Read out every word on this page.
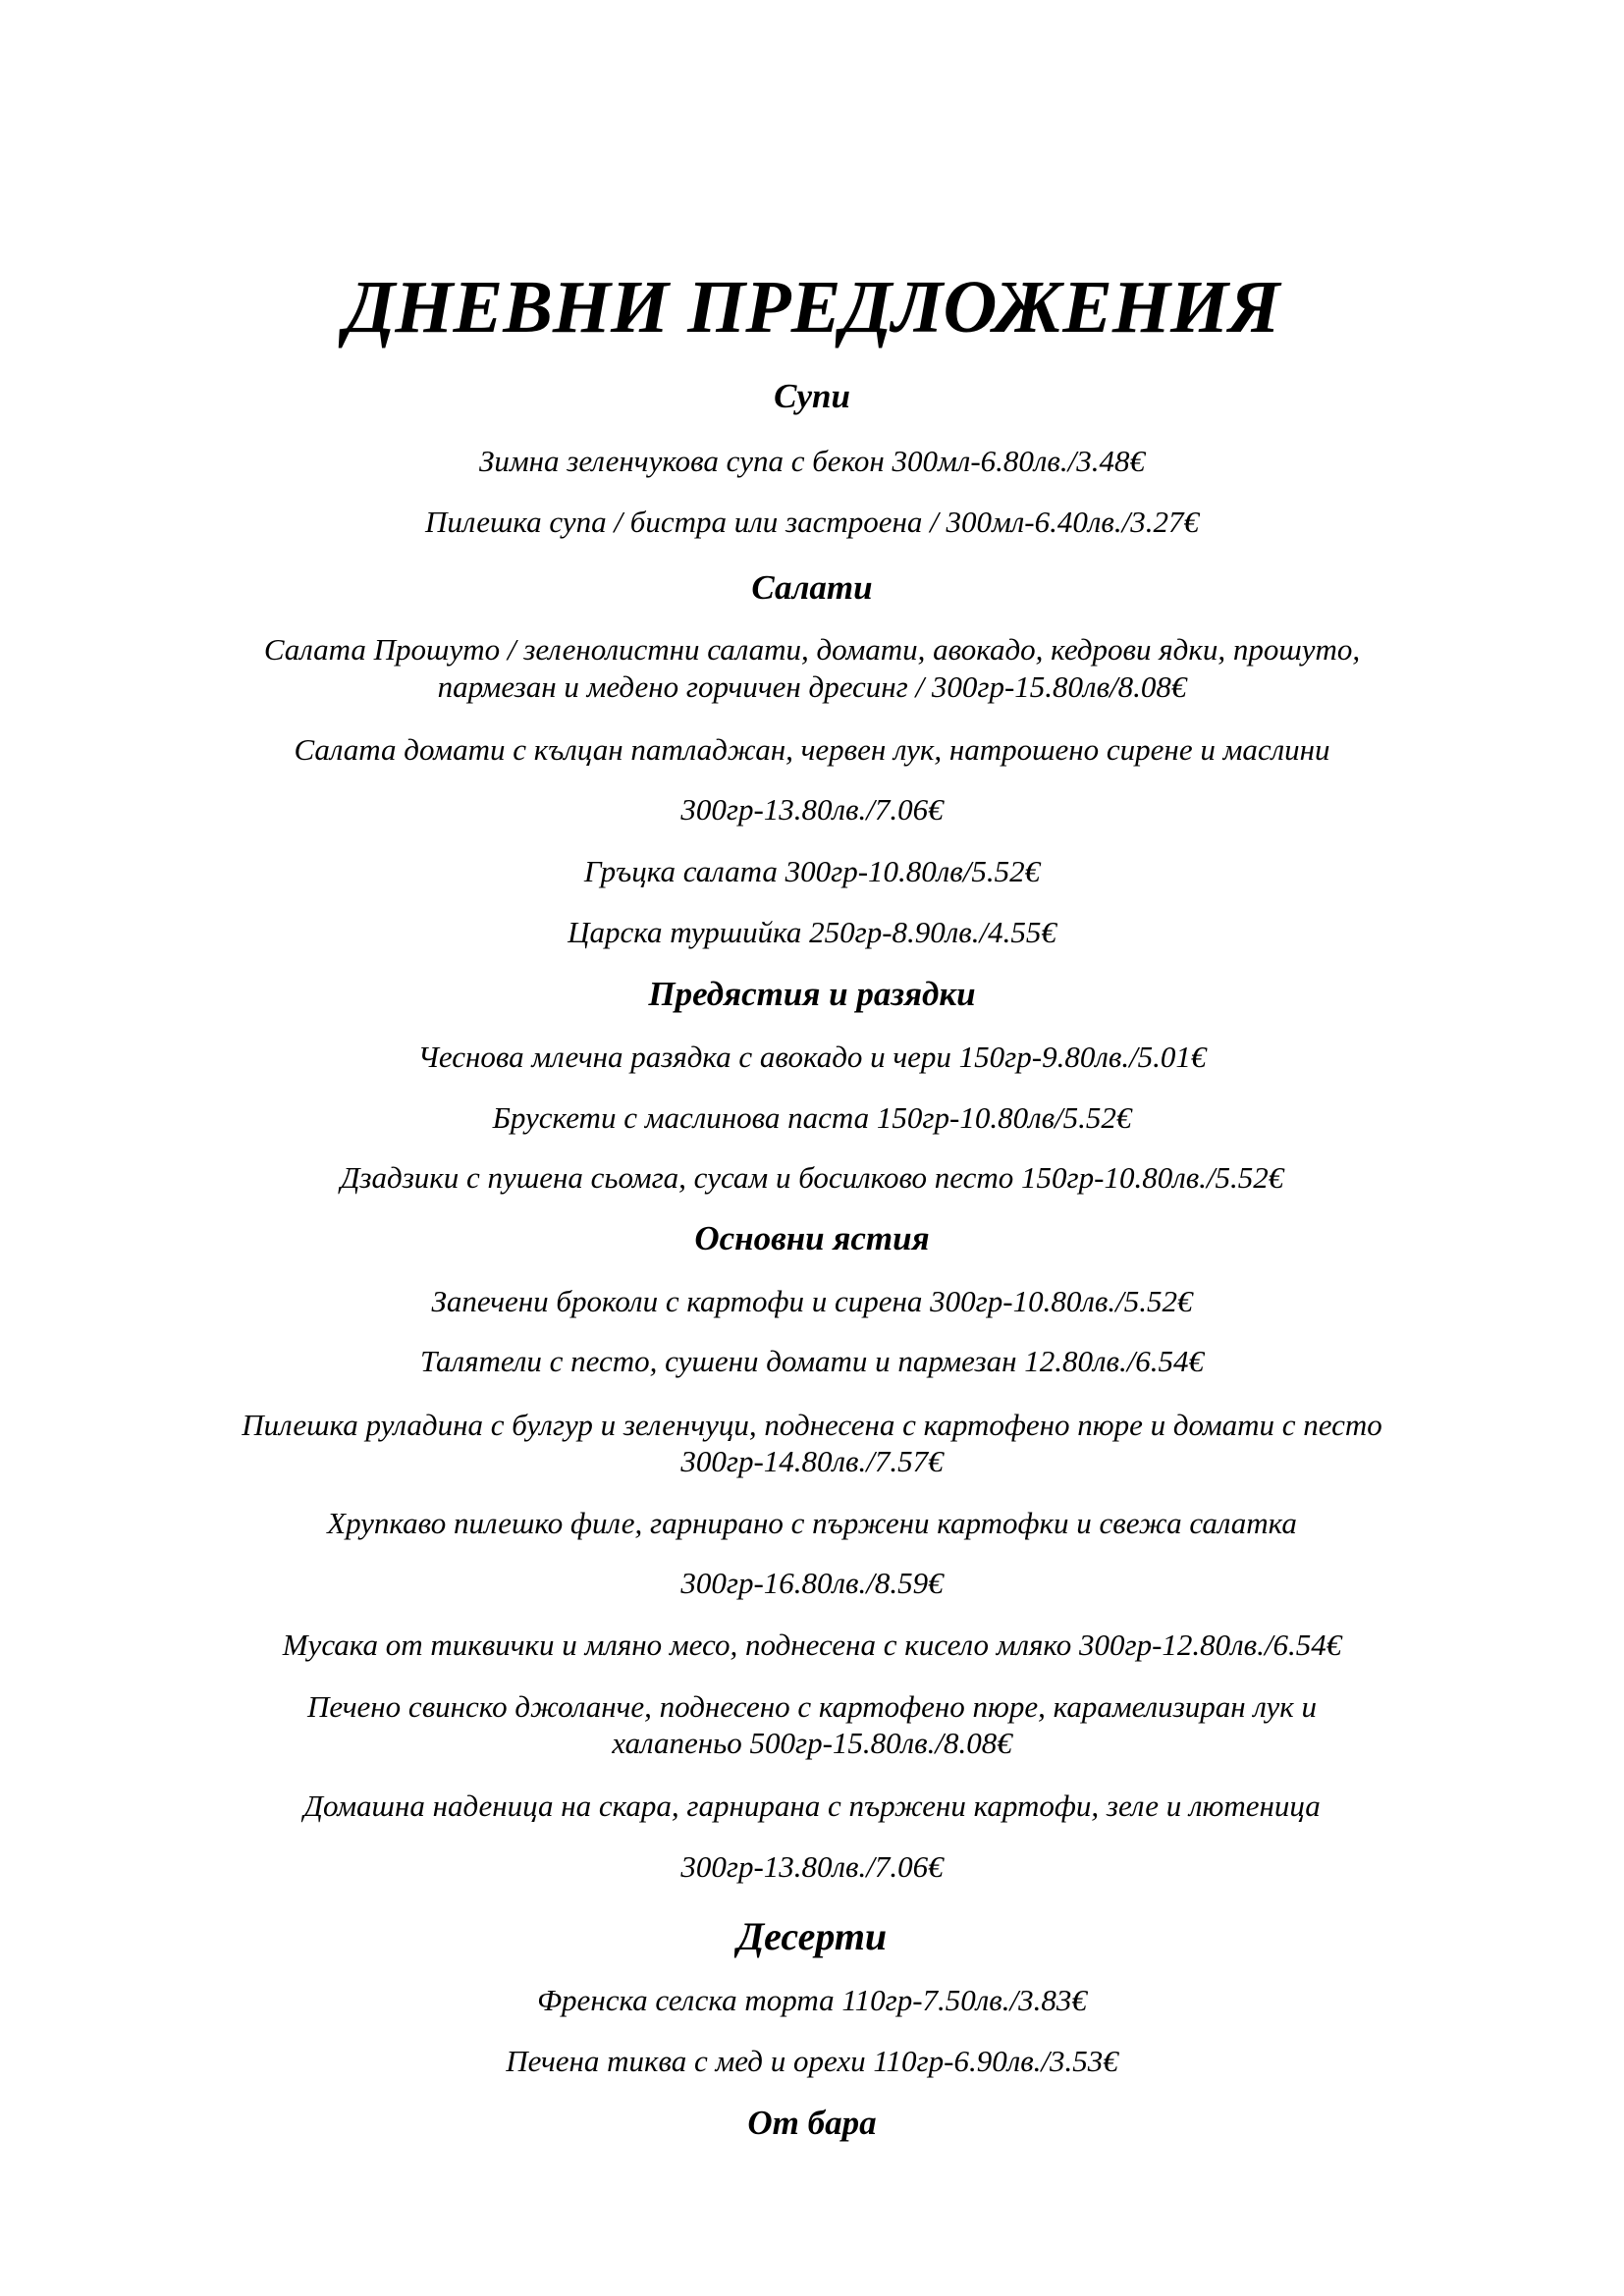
ДНЕВНИ ПРЕДЛОЖЕНИЯ
Супи
Зимна зеленчукова супа с бекон 300мл-6.80лв./3.48€
Пилешка супа / бистра или застроена / 300мл-6.40лв./3.27€
Салати
Салата Прошуто / зеленолистни салати, домати, авокадо, кедрови ядки, прошуто,
пармезан и медено горчичен дресинг / 300гр-15.80лв/8.08€
Салата домати с кълцан патладжан, червен лук, натрошено сирене и маслини
300гр-13.80лв./7.06€
Гръцка салата 300гр-10.80лв/5.52€
Царска туршийка 250гр-8.90лв./4.55€
Предястия и разядки
Чеснова млечна разядка с авокадо и чери 150гр-9.80лв./5.01€
Брускети с маслинова паста 150гр-10.80лв/5.52€
Дзадзики с пушена сьомга, сусам и босилково песто 150гр-10.80лв./5.52€
Основни ястия
Запечени броколи с картофи и сирена 300гр-10.80лв./5.52€
Талятели с песто, сушени домати и пармезан 12.80лв./6.54€
Пилешка руладина с булгур и зеленчуци, поднесена с картофено пюре и домати с песто
300гр-14.80лв./7.57€
Хрупкаво пилешко филе, гарнирано с пържени картофки и свежа салатка
300гр-16.80лв./8.59€
Мусака от тиквички и мляно месо, поднесена с кисело мляко 300гр-12.80лв./6.54€
Печено свинско джоланче, поднесено с картофено пюре, карамелизиран лук и
халапеньо 500гр-15.80лв./8.08€
Домашна наденица на скара, гарнирана с пържени картофи, зеле и лютеница
300гр-13.80лв./7.06€
Десерти
Френска селска торта 110гр-7.50лв./3.83€
Печена тиква с мед и орехи 110гр-6.90лв./3.53€
От бара
